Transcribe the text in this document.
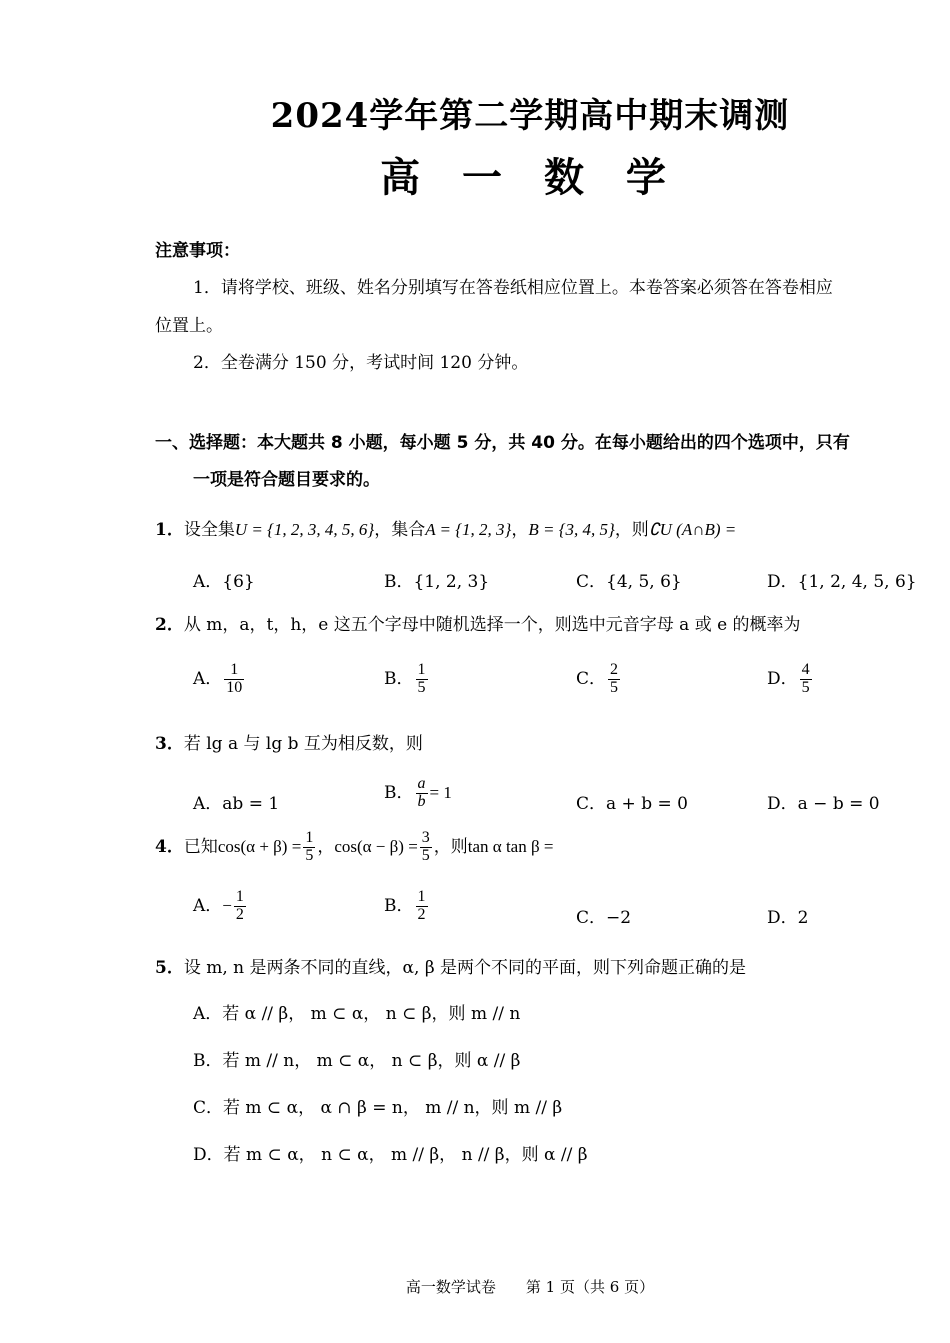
2024学年第二学期高中期末调测
高 一 数 学
注意事项：
1．请将学校、班级、姓名分别填写在答卷纸相应位置上。本卷答案必须答在答卷相应
位置上。
2．全卷满分 150 分，考试时间 120 分钟。
一、选择题：本大题共 8 小题，每小题 5 分，共 40 分。在每小题给出的四个选项中，只有
一项是符合题目要求的。
1．设全集U = {1, 2, 3, 4, 5, 6}，集合A = {1, 2, 3}，B = {3, 4, 5}，则∁U (A∩B) =
A．{6}	B．{1, 2, 3}	C．{4, 5, 6}	D．{1, 2, 4, 5, 6}
2．从 m，a，t，h，e 这五个字母中随机选择一个，则选中元音字母 a 或 e 的概率为
A． $\frac{1}{10}$	B． $\frac{1}{5}$	C． $\frac{2}{5}$	D． $\frac{4}{5}$
3．若 lg a 与 lg b 互为相反数，则
A．ab = 1
B． $\frac{a}{b} = 1$
C．a + b = 0	D．a − b = 0
4．已知$\cos(\alpha + \beta) = \frac{1}{5}$ ，$\cos(\alpha - \beta) = \frac{3}{5}$ ，则tan α tan β =
A．− $\frac{1}{2}$	B． $\frac{1}{2}$	C．−2	D．2
5．设 m, n 是两条不同的直线，α, β 是两个不同的平面，则下列命题正确的是
A．若 α // β， m ⊂ α， n ⊂ β，则 m // n
B．若 m // n， m ⊂ α， n ⊂ β，则 α // β
C．若 m ⊂ α， α ∩ β = n， m // n，则 m // β
D．若 m ⊂ α， n ⊂ α， m // β， n // β，则 α // β
高一数学试卷　　第 1 页（共 6 页）
